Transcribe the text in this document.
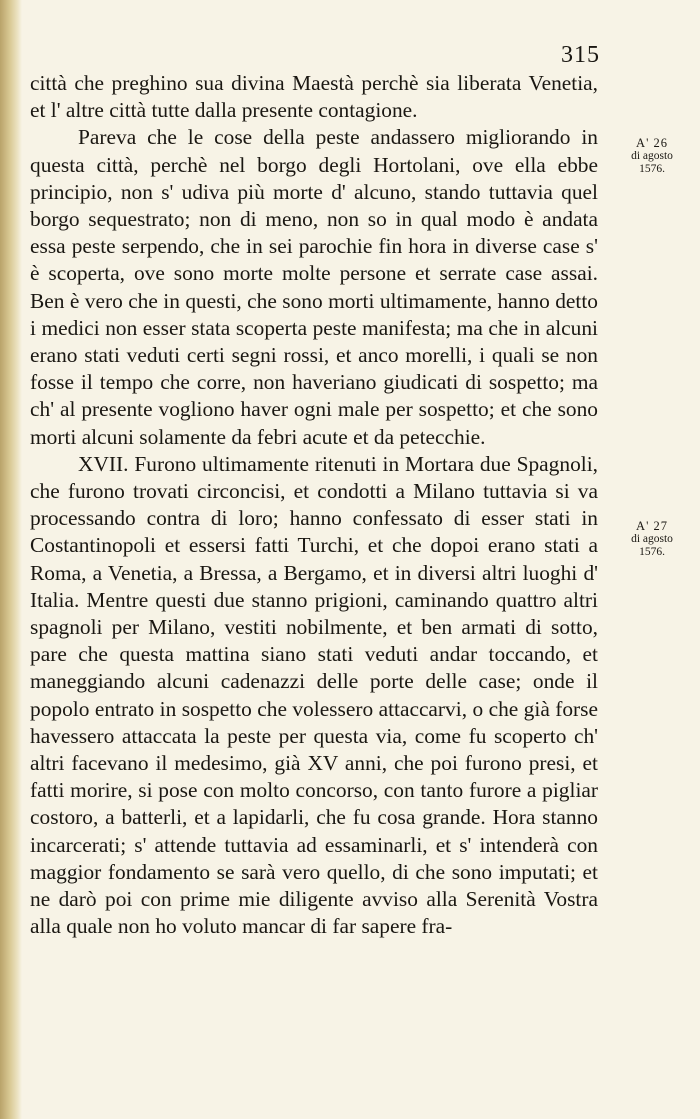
315

città che preghino sua divina Maestà perchè sia liberata Venetia, et l' altre città tutte dalla presente contagione.

Pareva che le cose della peste andassero migliorando in questa città, perchè nel borgo degli Hortolani, ove ella ebbe principio, non s' udiva più morte d' alcuno, stando tuttavia quel borgo sequestrato; non di meno, non so in qual modo è andata essa peste serpendo, che in sei parochie fin hora in diverse case s' è scoperta, ove sono morte molte persone et serrate case assai. Ben è vero che in questi, che sono morti ultimamente, hanno detto i medici non esser stata scoperta peste manifesta; ma che in alcuni erano stati veduti certi segni rossi, et anco morelli, i quali se non fosse il tempo che corre, non haveriano giudicati di sospetto; ma ch' al presente vogliono haver ogni male per sospetto; et che sono morti alcuni solamente da febri acute et da petecchie.

XVII. Furono ultimamente ritenuti in Mortara due Spagnoli, che furono trovati circoncisi, et condotti a Milano tuttavia si va processando contra di loro; hanno confessato di esser stati in Costantinopoli et essersi fatti Turchi, et che dopoi erano stati a Roma, a Venetia, a Bressa, a Bergamo, et in diversi altri luoghi d' Italia. Mentre questi due stanno prigioni, caminando quattro altri spagnoli per Milano, vestiti nobilmente, et ben armati di sotto, pare che questa mattina siano stati veduti andar toccando, et maneggiando alcuni cadenazzi delle porte delle case; onde il popolo entrato in sospetto che volessero attaccarvi, o che già forse havessero attaccata la peste per questa via, come fu scoperto ch' altri facevano il medesimo, già XV anni, che poi furono presi, et fatti morire, si pose con molto concorso, con tanto furore a pigliar costoro, a batterli, et a lapidarli, che fu cosa grande. Hora stanno incarcerati; s' attende tuttavia ad essaminarli, et s' intenderà con maggior fondamento se sarà vero quello, di che sono imputati; et ne darò poi con prime mie diligente avviso alla Serenità Vostra alla quale non ho voluto mancar di far sapere fra-

A' 26
di agosto
1576.
A' 27
di agosto
1576.
